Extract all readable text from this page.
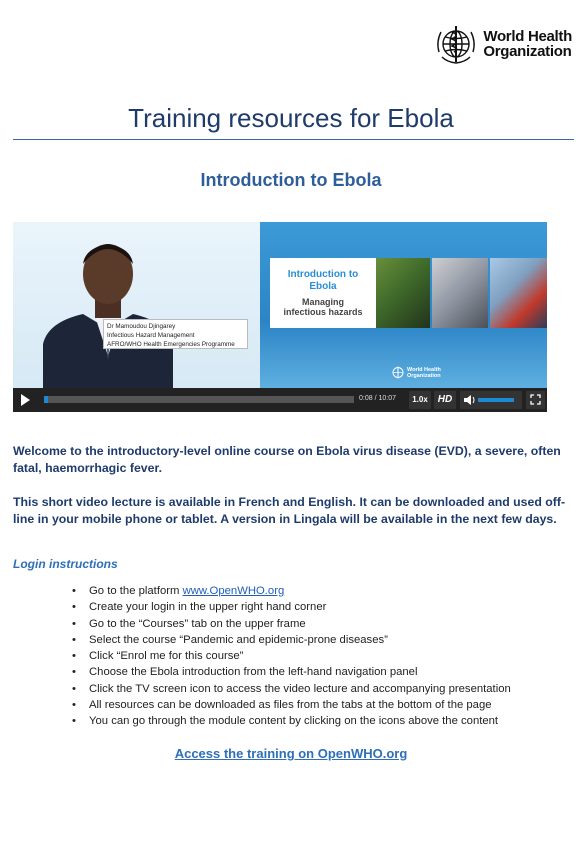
World Health
Organization
Training resources for Ebola
Introduction to Ebola
Dr Mamoudou Djingarey
Infectious Hazard Management
AFRO/WHO Health Emergencies Programme
Introduction to
Ebola
Managing
infectious hazards
World Health
Organization
0:08 / 10:07	1.0x HD
Welcome to the introductory-level online course on Ebola virus disease (EVD), a severe, often fatal, haemorrhagic fever.
This short video lecture is available in French and English. It can be downloaded and used off-line in your mobile phone or tablet. A version in Lingala will be available in the next few days.
Login instructions
• Go to the platform www.OpenWHO.org
• Create your login in the upper right hand corner
• Go to the “Courses” tab on the upper frame
• Select the course “Pandemic and epidemic-prone diseases”
• Click “Enrol me for this course”
• Choose the Ebola introduction from the left-hand navigation panel
• Click the TV screen icon to access the video lecture and accompanying presentation
• All resources can be downloaded as files from the tabs at the bottom of the page
• You can go through the module content by clicking on the icons above the content
Access the training on OpenWHO.org
